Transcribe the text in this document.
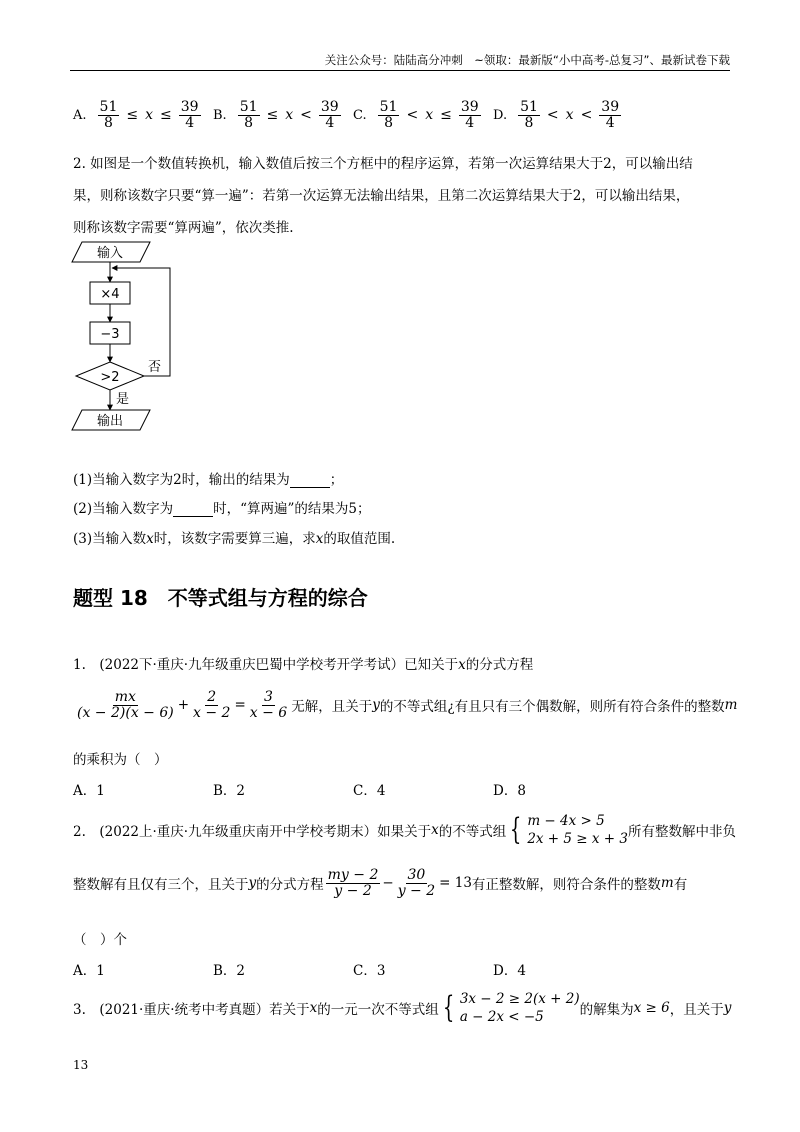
关注公众号：陆陆高分冲刺　~领取：最新版“小中高考-总复习”、最新试卷下载
A. $\frac{51}{8} \le x \le \frac{39}{4} B$. $\frac{51}{8} \le x < \frac{39}{4} C$. $\frac{51}{8} < x \le \frac{39}{4} D$. $\frac{51}{8} < x < \frac{39}{4}$
2. 如图是一个数值转换机，输入数值后按三个方框中的程序运算，若第一次运算结果大于2，可以输出结
果，则称该数字只要“算一遍”：若第一次运算无法输出结果，且第二次运算结果大于2，可以输出结果，
则称该数字需要“算两遍”，依次类推.
输入
×4
−3
>2
否
是
输出
(1)当输入数字为2时，输出的结果为	；
(2)当输入数字为	时，“算两遍”的结果为5；
(3)当输入数x时，该数字需要算三遍，求x的取值范围.
题型 18　不等式组与方程的综合
1.　(2022下·重庆·九年级重庆巴蜀中学校考开学考试）已知关于x的分式方程
$\frac{mx}{(x - 2)(x - 6)} + \frac{2}{x - 2} = \frac{3}{x - 6}$ 无解，且关于 y 的不等式组¿有且只有三个偶数解，则所有符合条件的整数 m
的乘积为（　）
A．1	B．2	C．4	D．8
2.　(2022上·重庆·九年级重庆南开中学校考期末）如果关于 x 的不等式组 { m − 4x > 5
2x + 5 ≥ x + 3 所有整数解中非负
整数解有且仅有三个，且关于 y 的分式方程 $\frac{my - 2}{y - 2} - \frac{30}{y - 2} = 13$ 有正整数解，则符合条件的整数 m 有
（　）个
A．1	B．2	C．3	D．4
3.　(2021·重庆·统考中考真题）若关于 x 的一元一次不等式组 { 3x − 2 ≥ 2(x + 2)
a − 2x < −5	的解集为 x ≥ 6 ，且关于 y
13
